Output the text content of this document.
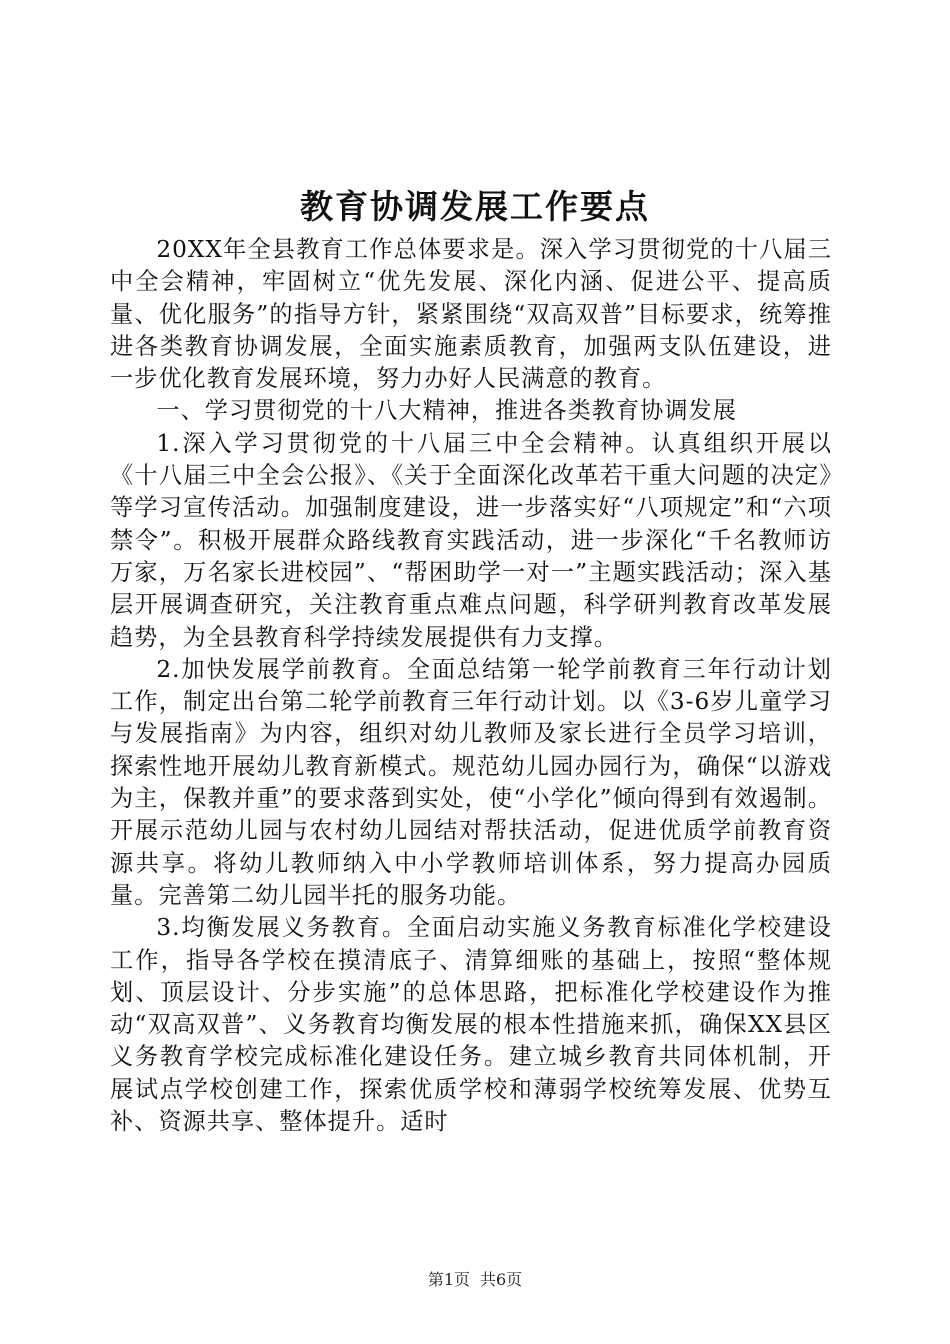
教育协调发展工作要点

20XX年全县教育工作总体要求是。深入学习贯彻党的十八届三中全会精神，牢固树立“优先发展、深化内涵、促进公平、提高质量、优化服务”的指导方针，紧紧围绕“双高双普”目标要求，统筹推进各类教育协调发展，全面实施素质教育，加强两支队伍建设，进一步优化教育发展环境，努力办好人民满意的教育。

一、学习贯彻党的十八大精神，推进各类教育协调发展

1.深入学习贯彻党的十八届三中全会精神。认真组织开展以《十八届三中全会公报》、《关于全面深化改革若干重大问题的决定》等学习宣传活动。加强制度建设，进一步落实好“八项规定”和“六项禁令”。积极开展群众路线教育实践活动，进一步深化“千名教师访万家，万名家长进校园”、“帮困助学一对一”主题实践活动；深入基层开展调查研究，关注教育重点难点问题，科学研判教育改革发展趋势，为全县教育科学持续发展提供有力支撑。

2.加快发展学前教育。全面总结第一轮学前教育三年行动计划工作，制定出台第二轮学前教育三年行动计划。以《3-6岁儿童学习与发展指南》为内容，组织对幼儿教师及家长进行全员学习培训，探索性地开展幼儿教育新模式。规范幼儿园办园行为，确保“以游戏为主，保教并重”的要求落到实处，使“小学化”倾向得到有效遏制。开展示范幼儿园与农村幼儿园结对帮扶活动，促进优质学前教育资源共享。将幼儿教师纳入中小学教师培训体系，努力提高办园质量。完善第二幼儿园半托的服务功能。

3.均衡发展义务教育。全面启动实施义务教育标准化学校建设工作，指导各学校在摸清底子、清算细账的基础上，按照“整体规划、顶层设计、分步实施”的总体思路，把标准化学校建设作为推动“双高双普”、义务教育均衡发展的根本性措施来抓，确保XX县区义务教育学校完成标准化建设任务。建立城乡教育共同体机制，开展试点学校创建工作，探索优质学校和薄弱学校统筹发展、优势互补、资源共享、整体提升。适时

第1页 共6页
